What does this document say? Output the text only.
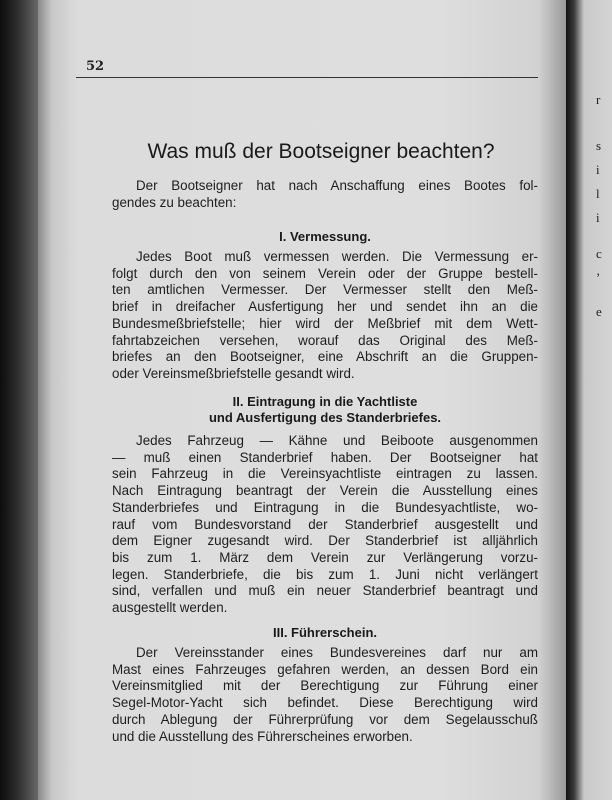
r
s
i
l
i
c
’
e
52
Was muß der Bootseigner beachten?
Der Bootseigner hat nach Anschaffung eines Bootes fol-
gendes zu beachten:
I. Vermessung.
Jedes Boot muß vermessen werden. Die Vermessung er-
folgt durch den von seinem Verein oder der Gruppe bestell-
ten amtlichen Vermesser. Der Vermesser stellt den Meß-
brief in dreifacher Ausfertigung her und sendet ihn an die
Bundesmeßbriefstelle; hier wird der Meßbrief mit dem Wett-
fahrtabzeichen versehen, worauf das Original des Meß-
briefes an den Bootseigner, eine Abschrift an die Gruppen-
oder Vereinsmeßbriefstelle gesandt wird.
II. Eintragung in die Yachtliste
und Ausfertigung des Standerbriefes.
Jedes Fahrzeug — Kähne und Beiboote ausgenommen
— muß einen Standerbrief haben. Der Bootseigner hat
sein Fahrzeug in die Vereinsyachtliste eintragen zu lassen.
Nach Eintragung beantragt der Verein die Ausstellung eines
Standerbriefes und Eintragung in die Bundesyachtliste, wo-
rauf vom Bundesvorstand der Standerbrief ausgestellt und
dem Eigner zugesandt wird. Der Standerbrief ist alljährlich
bis zum 1. März dem Verein zur Verlängerung vorzu-
legen. Standerbriefe, die bis zum 1. Juni nicht verlängert
sind, verfallen und muß ein neuer Standerbrief beantragt und
ausgestellt werden.
III. Führerschein.
Der Vereinsstander eines Bundesvereines darf nur am
Mast eines Fahrzeuges gefahren werden, an dessen Bord ein
Vereinsmitglied mit der Berechtigung zur Führung einer
Segel-Motor-Yacht sich befindet. Diese Berechtigung wird
durch Ablegung der Führerprüfung vor dem Segelausschuß
und die Ausstellung des Führerscheines erworben.
